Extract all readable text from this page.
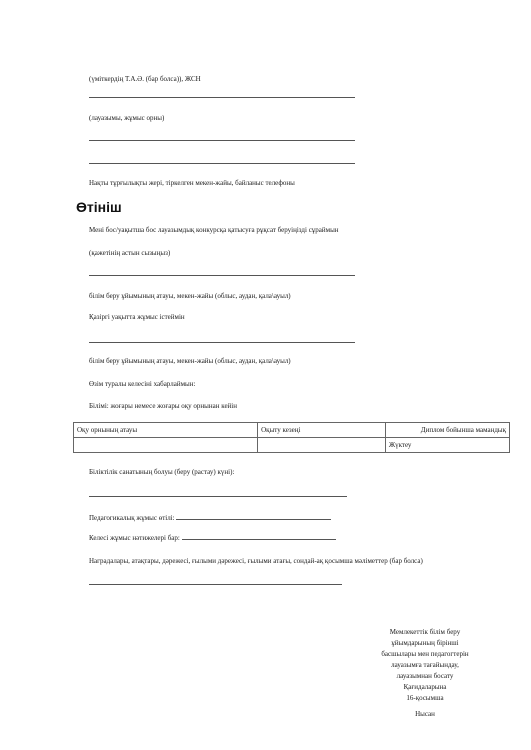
(үміткердің Т.А.Ә. (бар болса)), ЖСН
(лауазымы, жұмыс орны)
Нақты тұрғылықты жері, тіркелген мекен-жайы, байланыс телефоны
Өтініш
Мені бос/уақытша бос лауазымдық конкурсқа қатысуға рұқсат беруіңізді сұраймын
(қажетінің астын сызыңыз)
білім беру ұйымының атауы, мекен-жайы (облыс, аудан, қала\ауыл)
Қазіргі уақытта жұмыс істеймін
білім беру ұйымының атауы, мекен-жайы (облыс, аудан, қала\ауыл)
Өзім туралы келесіні хабарлаймын:
Білімі: жоғары немесе жоғары оқу орнынан кейін
Оқу орнының атауы	Оқыту кезеңі	Диплом бойынша мамандық
		Жүктеу
Біліктілік санатының болуы (беру (растау) күні):
Педагогикалық жұмыс өтілі:
Келесі жұмыс нәтижелері бар:
Наградалары, атақтары, дәрежесі, ғылыми дәрежесі, ғылыми атағы, сондай-ақ қосымша мәліметтер (бар болса)
Мемлекеттік білім беру
ұйымдарының бірінші
басшылары мен педагогтерін
лауазымға тағайындау,
лауазымнан босату
Қағидаларына
16-қосымша
Нысан
